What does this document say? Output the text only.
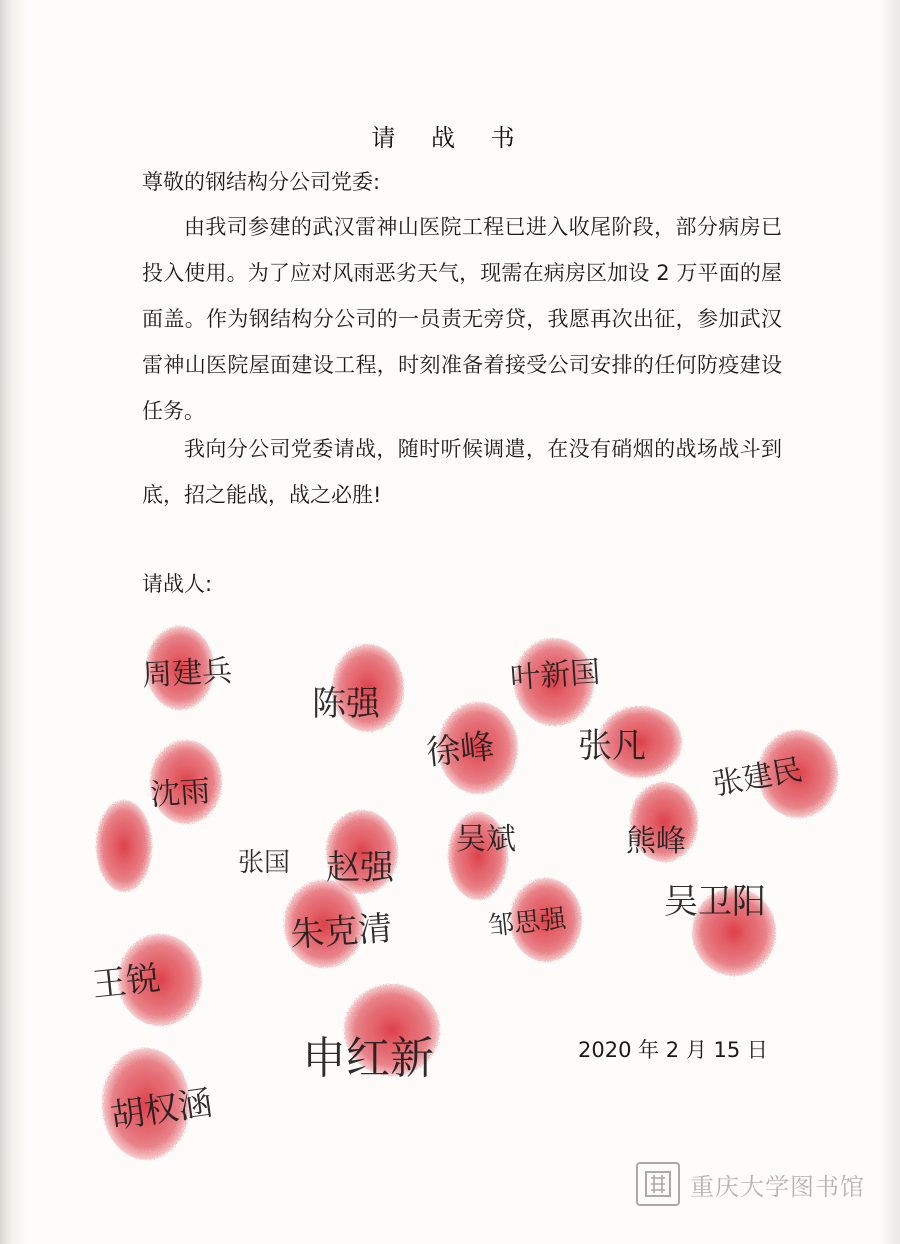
请 战 书
尊敬的钢结构分公司党委:
由我司参建的武汉雷神山医院工程已进入收尾阶段，部分病房已投入使用。为了应对风雨恶劣天气，现需在病房区加设 2 万平面的屋面盖。作为钢结构分公司的一员责无旁贷，我愿再次出征，参加武汉雷神山医院屋面建设工程，时刻准备着接受公司安排的任何防疫建设任务。
我向分公司党委请战，随时听候调遣，在没有硝烟的战场战斗到底，招之能战，战之必胜!
请战人:
周建兵
陈强
叶新国
徐峰 张凡
张建民
沈雨
吴斌	熊峰
张国 赵强
朱克清	邹思强
吴卫阳
王锐
申红新
胡权涵
2020 年 2 月 15 日
重庆大学图书馆
